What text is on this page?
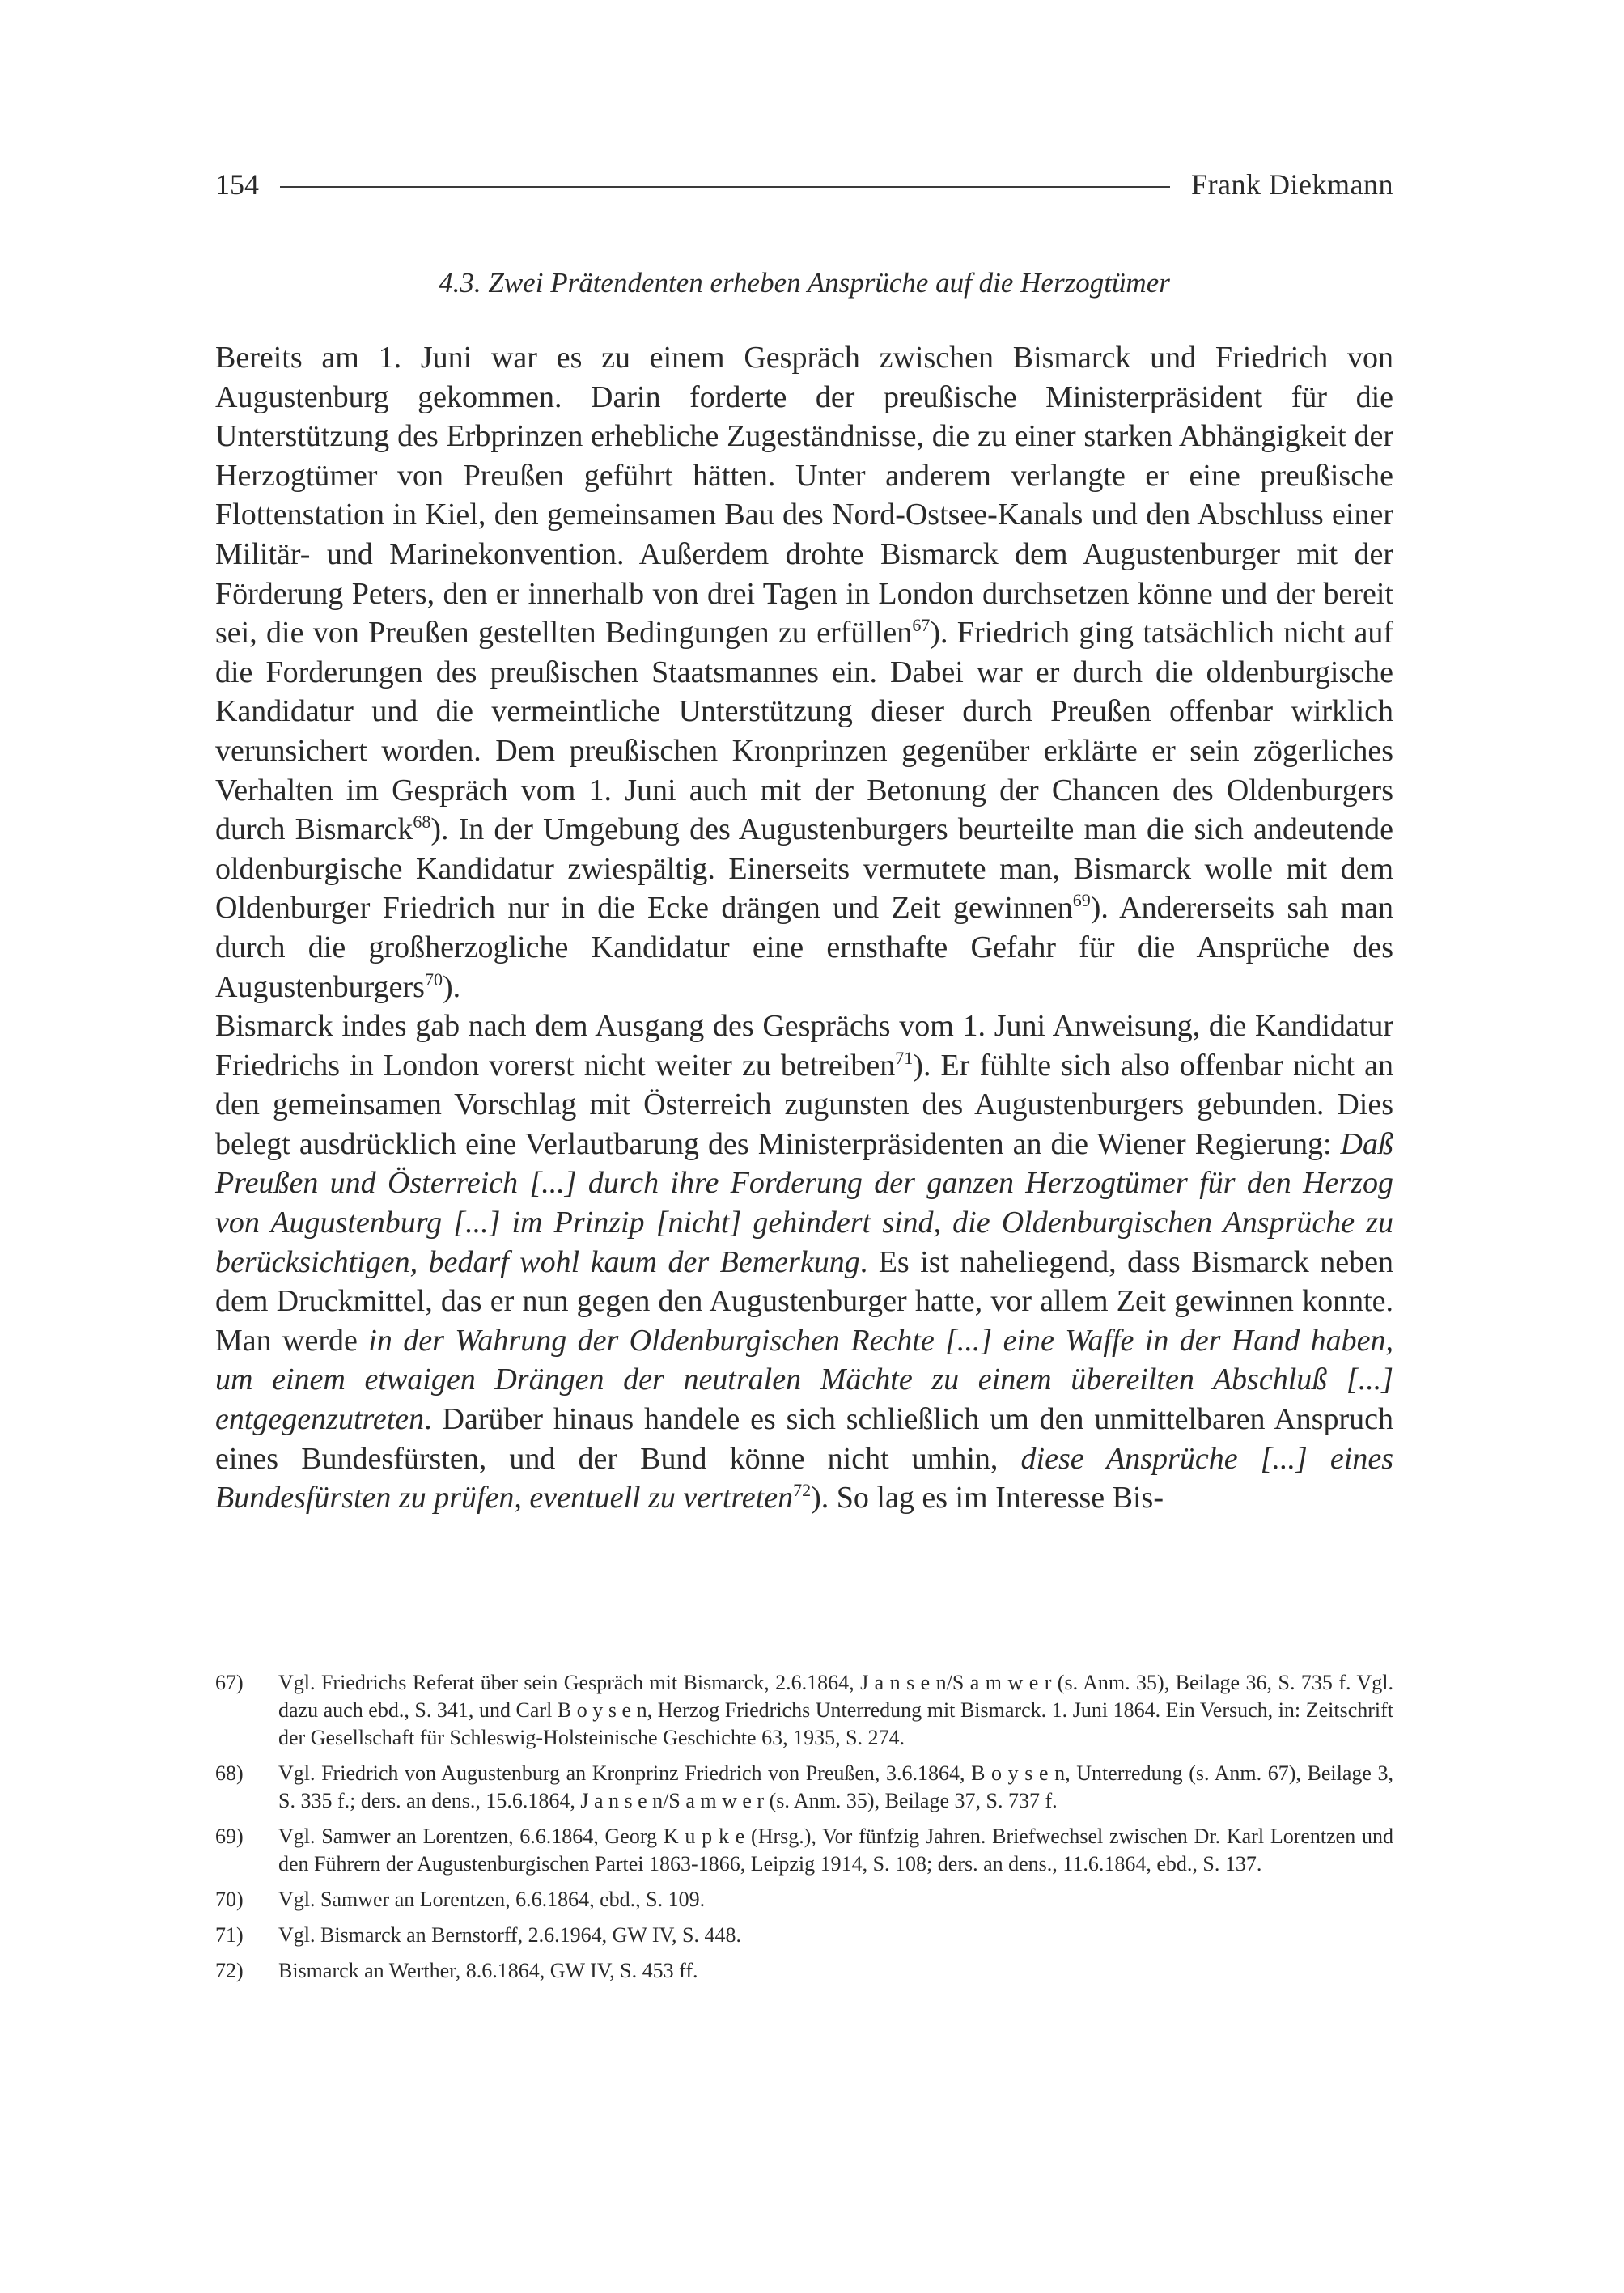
154	Frank Diekmann
4.3. Zwei Prätendenten erheben Ansprüche auf die Herzogtümer

Bereits am 1. Juni war es zu einem Gespräch zwischen Bismarck und Friedrich von Augustenburg gekommen. Darin forderte der preußische Ministerpräsident für die Unterstützung des Erbprinzen erhebliche Zugeständnisse, die zu einer starken Abhängigkeit der Herzogtümer von Preußen geführt hätten. Unter anderem verlangte er eine preußische Flottenstation in Kiel, den gemeinsamen Bau des Nord-Ostsee-Kanals und den Abschluss einer Militär- und Marinekonvention. Außerdem drohte Bismarck dem Augustenburger mit der Förderung Peters, den er innerhalb von drei Tagen in London durchsetzen könne und der bereit sei, die von Preußen gestellten Bedingungen zu erfüllen$^{67}$). Friedrich ging tatsächlich nicht auf die Forderungen des preußischen Staatsmannes ein. Dabei war er durch die oldenburgische Kandidatur und die vermeintliche Unterstützung dieser durch Preußen offenbar wirklich verunsichert worden. Dem preußischen Kronprinzen gegenüber erklärte er sein zögerliches Verhalten im Gespräch vom 1. Juni auch mit der Betonung der Chancen des Oldenburgers durch Bismarck$^{68}$). In der Umgebung des Augustenburgers beurteilte man die sich andeutende oldenburgische Kandidatur zwiespältig. Einerseits vermutete man, Bismarck wolle mit dem Oldenburger Friedrich nur in die Ecke drängen und Zeit gewinnen$^{69}$). Andererseits sah man durch die großherzogliche Kandidatur eine ernsthafte Gefahr für die Ansprüche des Augustenburgers$^{70}$).

Bismarck indes gab nach dem Ausgang des Gesprächs vom 1. Juni Anweisung, die Kandidatur Friedrichs in London vorerst nicht weiter zu betreiben$^{71}$). Er fühlte sich also offenbar nicht an den gemeinsamen Vorschlag mit Österreich zugunsten des Augustenburgers gebunden. Dies belegt ausdrücklich eine Verlautbarung des Ministerpräsidenten an die Wiener Regierung: Daß Preußen und Österreich [...] durch ihre Forderung der ganzen Herzogtümer für den Herzog von Augustenburg [...] im Prinzip [nicht] gehindert sind, die Oldenburgischen Ansprüche zu berücksichtigen, bedarf wohl kaum der Bemerkung. Es ist naheliegend, dass Bismarck neben dem Druckmittel, das er nun gegen den Augustenburger hatte, vor allem Zeit gewinnen konnte. Man werde in der Wahrung der Oldenburgischen Rechte [...] eine Waffe in der Hand haben, um einem etwaigen Drängen der neutralen Mächte zu einem übereilten Abschluß [...] entgegenzutreten. Darüber hinaus handele es sich schließlich um den unmittelbaren Anspruch eines Bundesfürsten, und der Bund könne nicht umhin, diese Ansprüche [...] eines Bundesfürsten zu prüfen, eventuell zu vertreten$^{72}$). So lag es im Interesse Bis-

67)	Vgl. Friedrichs Referat über sein Gespräch mit Bismarck, 2.6.1864, J a n s e n/S a m w e r (s. Anm. 35), Beilage 36, S. 735 f. Vgl. dazu auch ebd., S. 341, und Carl B o y s e n, Herzog Friedrichs Unterredung mit Bismarck. 1. Juni 1864. Ein Versuch, in: Zeitschrift der Gesellschaft für Schleswig-Holsteinische Geschichte 63, 1935, S. 274.
68)	Vgl. Friedrich von Augustenburg an Kronprinz Friedrich von Preußen, 3.6.1864, B o y s e n, Unterredung (s. Anm. 67), Beilage 3, S. 335 f.; ders. an dens., 15.6.1864, J a n s e n/S a m w e r (s. Anm. 35), Beilage 37, S. 737 f.
69)	Vgl. Samwer an Lorentzen, 6.6.1864, Georg K u p k e (Hrsg.), Vor fünfzig Jahren. Briefwechsel zwischen Dr. Karl Lorentzen und den Führern der Augustenburgischen Partei 1863-1866, Leipzig 1914, S. 108; ders. an dens., 11.6.1864, ebd., S. 137.
70)	Vgl. Samwer an Lorentzen, 6.6.1864, ebd., S. 109.
71)	Vgl. Bismarck an Bernstorff, 2.6.1964, GW IV, S. 448.
72)	Bismarck an Werther, 8.6.1864, GW IV, S. 453 ff.
